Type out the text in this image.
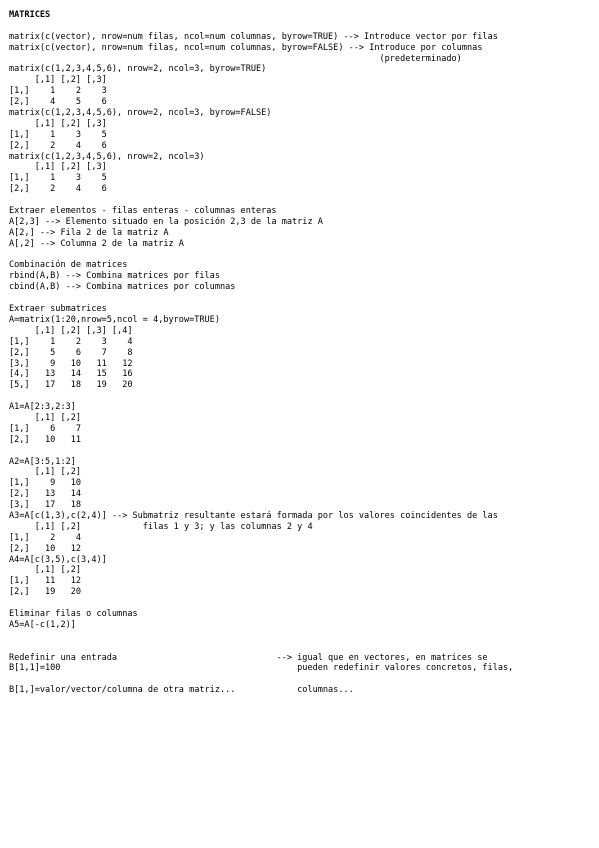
MATRICES
matrix(c(vector), nrow=num filas, ncol=num columnas, byrow=TRUE) --> Introduce vector por filas
matrix(c(vector), nrow=num filas, ncol=num columnas, byrow=FALSE) --> Introduce por columnas
(predeterminado)
matrix(c(1,2,3,4,5,6), nrow=2, ncol=3, byrow=TRUE)
[,1] [,2] [,3]
[1,]    1    2    3
[2,]    4    5    6
matrix(c(1,2,3,4,5,6), nrow=2, ncol=3, byrow=FALSE)
[,1] [,2] [,3]
[1,]    1    3    5
[2,]    2    4    6
matrix(c(1,2,3,4,5,6), nrow=2, ncol=3)
[,1] [,2] [,3]
[1,]    1    3    5
[2,]    2    4    6
Extraer elementos - filas enteras - columnas enteras
A[2,3] --> Elemento situado en la posición 2,3 de la matriz A
A[2,] --> Fila 2 de la matriz A
A[,2] --> Columna 2 de la matriz A
Combinación de matrices
rbind(A,B) --> Combina matrices por filas
cbind(A,B) --> Combina matrices por columnas
Extraer submatrices
A=matrix(1:20,nrow=5,ncol = 4,byrow=TRUE)
[,1] [,2] [,3] [,4]
[1,]    1    2    3    4
[2,]    5    6    7    8
[3,]    9   10   11   12
[4,]   13   14   15   16
[5,]   17   18   19   20
A1=A[2:3,2:3]
[,1] [,2]
[1,]    6    7
[2,]   10   11
A2=A[3:5,1:2]
[,1] [,2]
[1,]    9   10
[2,]   13   14
[3,]   17   18
A3=A[c(1,3),c(2,4)] --> Submatriz resultante estará formada por los valores coincidentes de las
[,1] [,2]            filas 1 y 3; y las columnas 2 y 4
[1,]    2    4
[2,]   10   12
A4=A[c(3,5),c(3,4)]
[,1] [,2]
[1,]   11   12
[2,]   19   20
Eliminar filas o columnas
A5=A[-c(1,2)]
Redefinir una entrada                               --> igual que en vectores, en matrices se
B[1,1]=100                                              pueden redefinir valores concretos, filas,
B[1,]=valor/vector/columna de otra matriz...            columnas...
